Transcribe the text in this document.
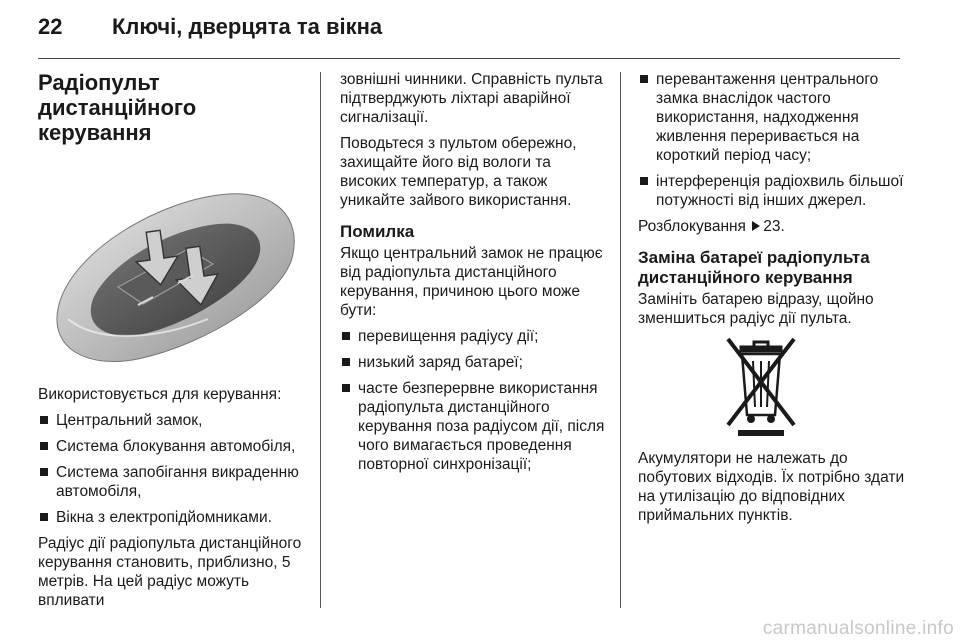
22 Ключі, дверцята та вікна
Радіопульт дистанційного керування

Використовується для керування:

Центральний замок,
Система блокування автомобіля,
Система запобігання викраденню автомобіля,
Вікна з електропідйомниками.

Радіус дії радіопульта дистанційного керування становить, приблизно, 5 метрів. На цей радіус можуть впливати

зовнішні чинники. Справність пульта підтверджують ліхтарі аварійної сигналізації.

Поводьтеся з пультом обережно, захищайте його від вологи та високих температур, а також уникайте зайвого використання.

Помилка

Якщо центральний замок не працює від радіопульта дистанційного керування, причиною цього може бути:

перевищення радіусу дії;
низький заряд батареї;
часте безперервне використання радіопульта дистанційного керування поза радіусом дії, після чого вимагається проведення повторної синхронізації;
перевантаження центрального замка внаслідок частого використання, надходження живлення переривається на короткий період часу;
інтерференція радіохвиль більшої потужності від інших джерел.

Розблокування 23.

Заміна батареї радіопульта дистанційного керування

Замініть батарею відразу, щойно зменшиться радіус дії пульта.

Акумулятори не належать до побутових відходів. Їх потрібно здати на утилізацію до відповідних приймальних пунктів.

carmanualsonline.info
